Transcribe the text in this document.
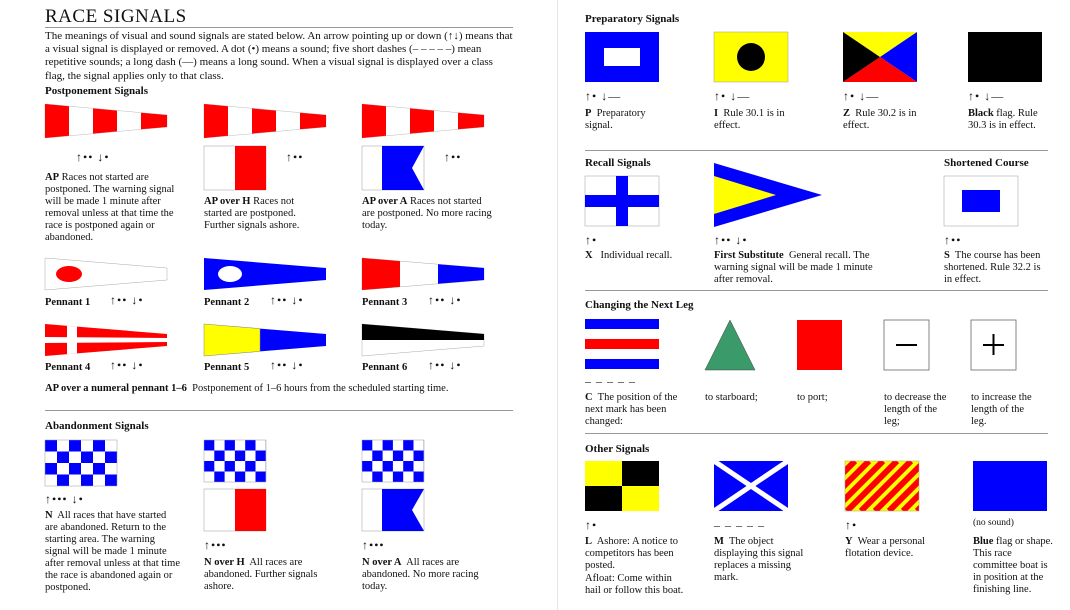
RACE SIGNALS
The meanings of visual and sound signals are stated below. An arrow pointing up or down (↑↓) means that a visual signal is displayed or removed. A dot (•) means a sound; five short dashes (– – – – –) mean repetitive sounds; a long dash (—) means a long sound. When a visual signal is displayed over a class flag, the signal applies only to that class.
Postponement Signals
↑•• ↓•	↑••	↑••
AP Races not started are postponed. The warning signal will be made 1 minute after removal unless at that time the race is postponed again or abandoned.
AP over H Races not started are postponed. Further signals ashore.
AP over A Races not started are postponed. No more racing today.
Pennant 1 ↑•• ↓•	Pennant 2 ↑•• ↓•	Pennant 3 ↑•• ↓•
Pennant 4 ↑•• ↓•	Pennant 5 ↑•• ↓•	Pennant 6 ↑•• ↓•
AP over a numeral pennant 1–6 Postponement of 1–6 hours from the scheduled starting time.
Abandonment Signals
↑••• ↓•
↑•••	↑•••
N All races that have started are abandoned. Return to the starting area. The warning signal will be made 1 minute after removal unless at that time the race is abandoned again or postponed.
N over H All races are abandoned. Further signals ashore.
N over A All races are abandoned. No more racing today.
Preparatory Signals
↑• ↓—	↑• ↓—	↑• ↓—	↑• ↓—
P Preparatory signal.
I Rule 30.1 is in effect.
Z Rule 30.2 is in effect.
Black flag. Rule 30.3 is in effect.
Recall Signals	Shortened Course
↑•
X Individual recall.
↑•• ↓•
First Substitute General recall. The warning signal will be made 1 minute after removal.
↑••
S The course has been shortened. Rule 32.2 is in effect.
Changing the Next Leg
– – – – –
C The position of the next mark has been changed:
to starboard;	to port;	to decrease the length of the leg;
to increase the length of the leg.
Other Signals
↑•
L Ashore: A notice to competitors has been posted.
Afloat: Come within hail or follow this boat.
– – – – –
M The object displaying this signal replaces a missing mark.
↑•
Y Wear a personal flotation device.
(no sound)
Blue flag or shape. This race committee boat is in position at the finishing line.
